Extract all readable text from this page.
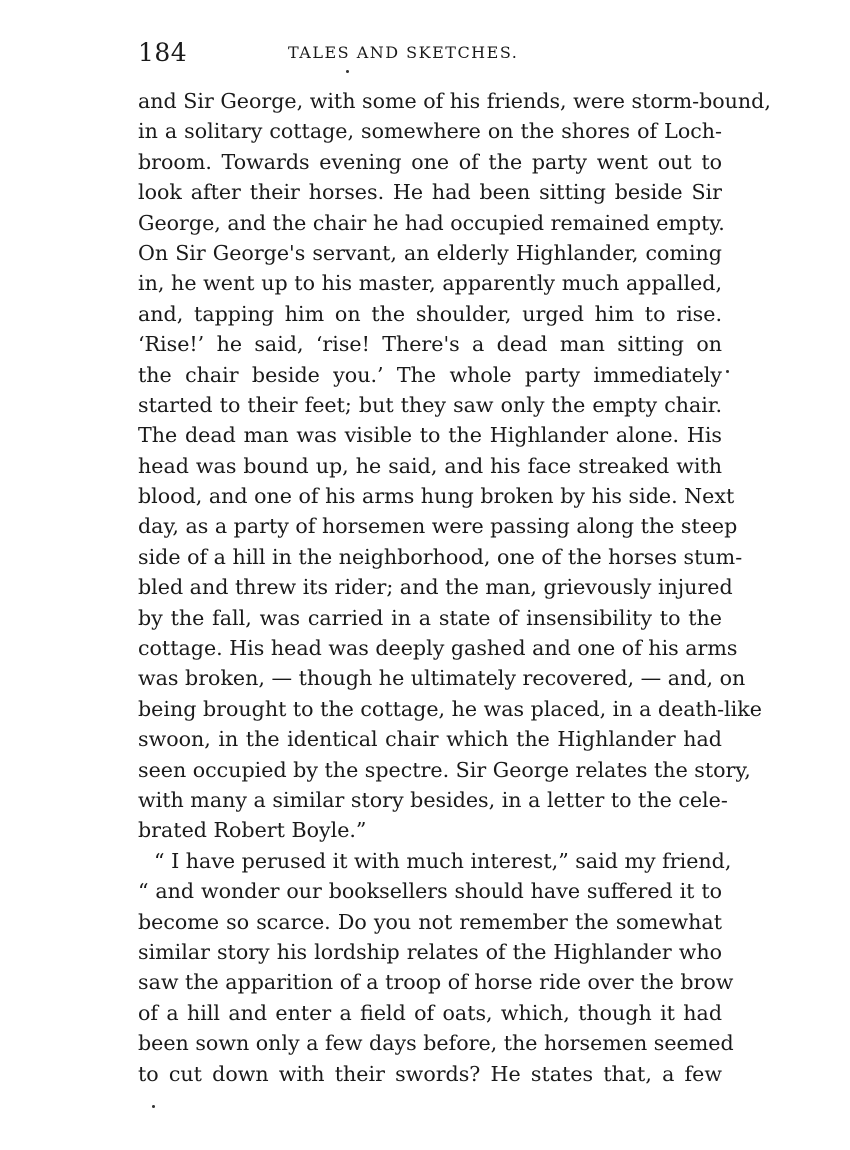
184	TALES AND SKETCHES.
and Sir George, with some of his friends, were storm-bound,
in a solitary cottage, somewhere on the shores of Loch-
broom. Towards evening one of the party went out to
look after their horses. He had been sitting beside Sir
George, and the chair he had occupied remained empty.
On Sir George's servant, an elderly Highlander, coming
in, he went up to his master, apparently much appalled,
and, tapping him on the shoulder, urged him to rise.
‘Rise!’ he said, ‘rise! There's a dead man sitting on
the chair beside you.’ The whole party immediately
started to their feet; but they saw only the empty chair.
The dead man was visible to the Highlander alone. His
head was bound up, he said, and his face streaked with
blood, and one of his arms hung broken by his side. Next
day, as a party of horsemen were passing along the steep
side of a hill in the neighborhood, one of the horses stum-
bled and threw its rider; and the man, grievously injured
by the fall, was carried in a state of insensibility to the
cottage. His head was deeply gashed and one of his arms
was broken, — though he ultimately recovered, — and, on
being brought to the cottage, he was placed, in a death-like
swoon, in the identical chair which the Highlander had
seen occupied by the spectre. Sir George relates the story,
with many a similar story besides, in a letter to the cele-
brated Robert Boyle.”
“ I have perused it with much interest,” said my friend,
“ and wonder our booksellers should have suffered it to
become so scarce. Do you not remember the somewhat
similar story his lordship relates of the Highlander who
saw the apparition of a troop of horse ride over the brow
of a hill and enter a field of oats, which, though it had
been sown only a few days before, the horsemen seemed
to cut down with their swords? He states that, a few
